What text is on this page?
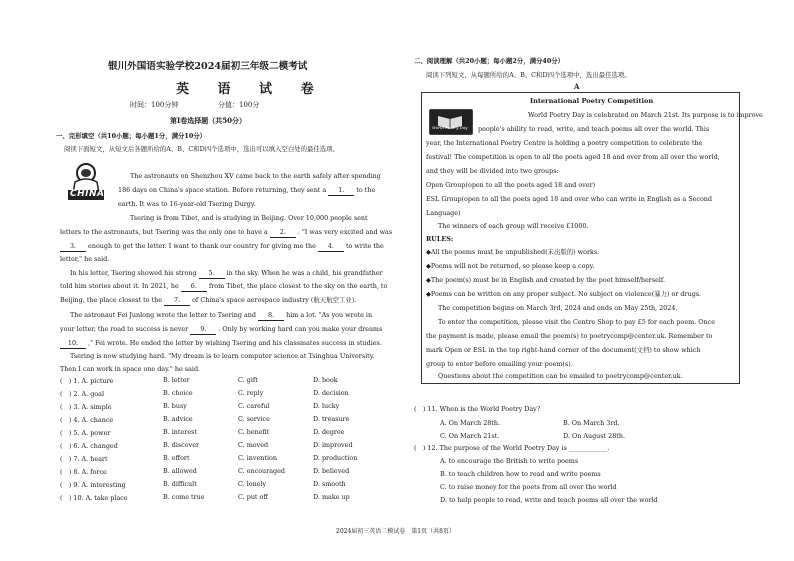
银川外国语实验学校2024届初三年级二模考试
英 语 试 卷
时间：100分钟	分值：100分
第Ⅰ卷选择题（共50分）
一、完形填空（共10小题；每小题1分，满分10分）
阅读下面短文，从短文后各题所给的A、B、C和D四个选项中，选出可以填入空白处的最佳选项。
CHINA
The astronauts on Shenzhou XV came back to the earth safely after spending
186 days on China's space station. Before returning, they sent a 1. to the
earth. It was to 16-year-old Tsering Durgy.
Tsering is from Tibet, and is studying in Beijing. Over 10,000 people sent
letters to the astronauts, but Tsering was the only one to have a 2. . "I was very excited and was
3. enough to get the letter. I want to thank our country for giving me the 4. to write the
letter," he said.
In his letter, Tsering showed his strong 5. in the sky. When he was a child, his grandfather
told him stories about it. In 2021, he 6. from Tibet, the place closest to the sky on the earth, to
Beijing, the place closest to the 7. of China's space aerospace industry (航天航空工业).
The astronaut Fei Junlong wrote the letter to Tsering and 8. him a lot. "As you wrote in
your letter, the road to success is never 9. . Only by working hard can you make your dreams
10. ," Fei wrote. He ended the letter by wishing Tsering and his classmates success in studies.
Tsering is now studying hard. "My dream is to learn computer science at Tsinghua University.
Then I can work in space one day." he said.
(　) 1. A. picture	B. letter	C. gift	D. book
(　) 2. A. goal	B. choice	C. reply	D. decision
(　) 3. A. simple	B. busy	C. careful	D. lucky
(　) 4. A. chance	B. advice	C. service	D. treasure
(　) 5. A. power	B. interest	C. benefit	D. degree
(　) 6. A. changed	B. discover	C. moved	D. improved
(　) 7. A. heart	B. effort	C. invention	D. production
(　) 8. A. force	B. allowed	C. encouraged	D. believed
(　) 9. A. interesting	B. difficult	C. lonely	D. smooth
(　) 10. A. take place	B. come true	C. put off	D. make up
二、阅读理解（共20小题；每小题2分，满分40分）
阅读下列短文，从每题所给的A、B、C和D四个选项中，选出最佳选项。
A
World Poetry Day
International Poetry Competition
World Poetry Day is celebrated on March 21st. Its purpose is to improve
people's ability to read, write, and teach poems all over the world. This
year, the International Poetry Centre is holding a poetry competition to celebrate the
festival! The competition is open to all the poets aged 18 and over from all over the world,
and they will be divided into two groups:
Open Group(open to all the poets aged 18 and over)
ESL Group(open to all the poets aged 18 and over who can write in English as a Second
Language)
The winners of each group will receive £1000.
RULES:
◆All the poems must be unpublished(未出版的) works.
◆Poems will not be returned, so please keep a copy.
◆The poem(s) must be in English and created by the poet himself/herself.
◆Poems can be written on any proper subject. No subject on violence(暴力) or drugs.
The competition begins on March 3rd, 2024 and ends on May 25th, 2024.
To enter the competition, please visit the Centre Shop to pay £5 for each poem. Once
the payment is made, please email the poem(s) to poetrycomp@center.uk. Remember to
mark Open or ESL in the top right-hand corner of the document(文档) to show which
group to enter before emailing your poem(s).
Questions about the competition can be emailed to poetrycomp@center.uk.
(　) 11. When is the World Poetry Day?
A. On March 28th.	B. On March 3rd.
C. On March 21st.	D. On August 28th.
(　) 12. The purpose of the World Poetry Day is ____________.
A. to encourage the British to write poems
B. to teach children how to read and write poems
C. to raise money for the poets from all over the world
D. to help people to read, write and teach poems all over the world
2024届初三英语二模试卷　第1页（共8页）
